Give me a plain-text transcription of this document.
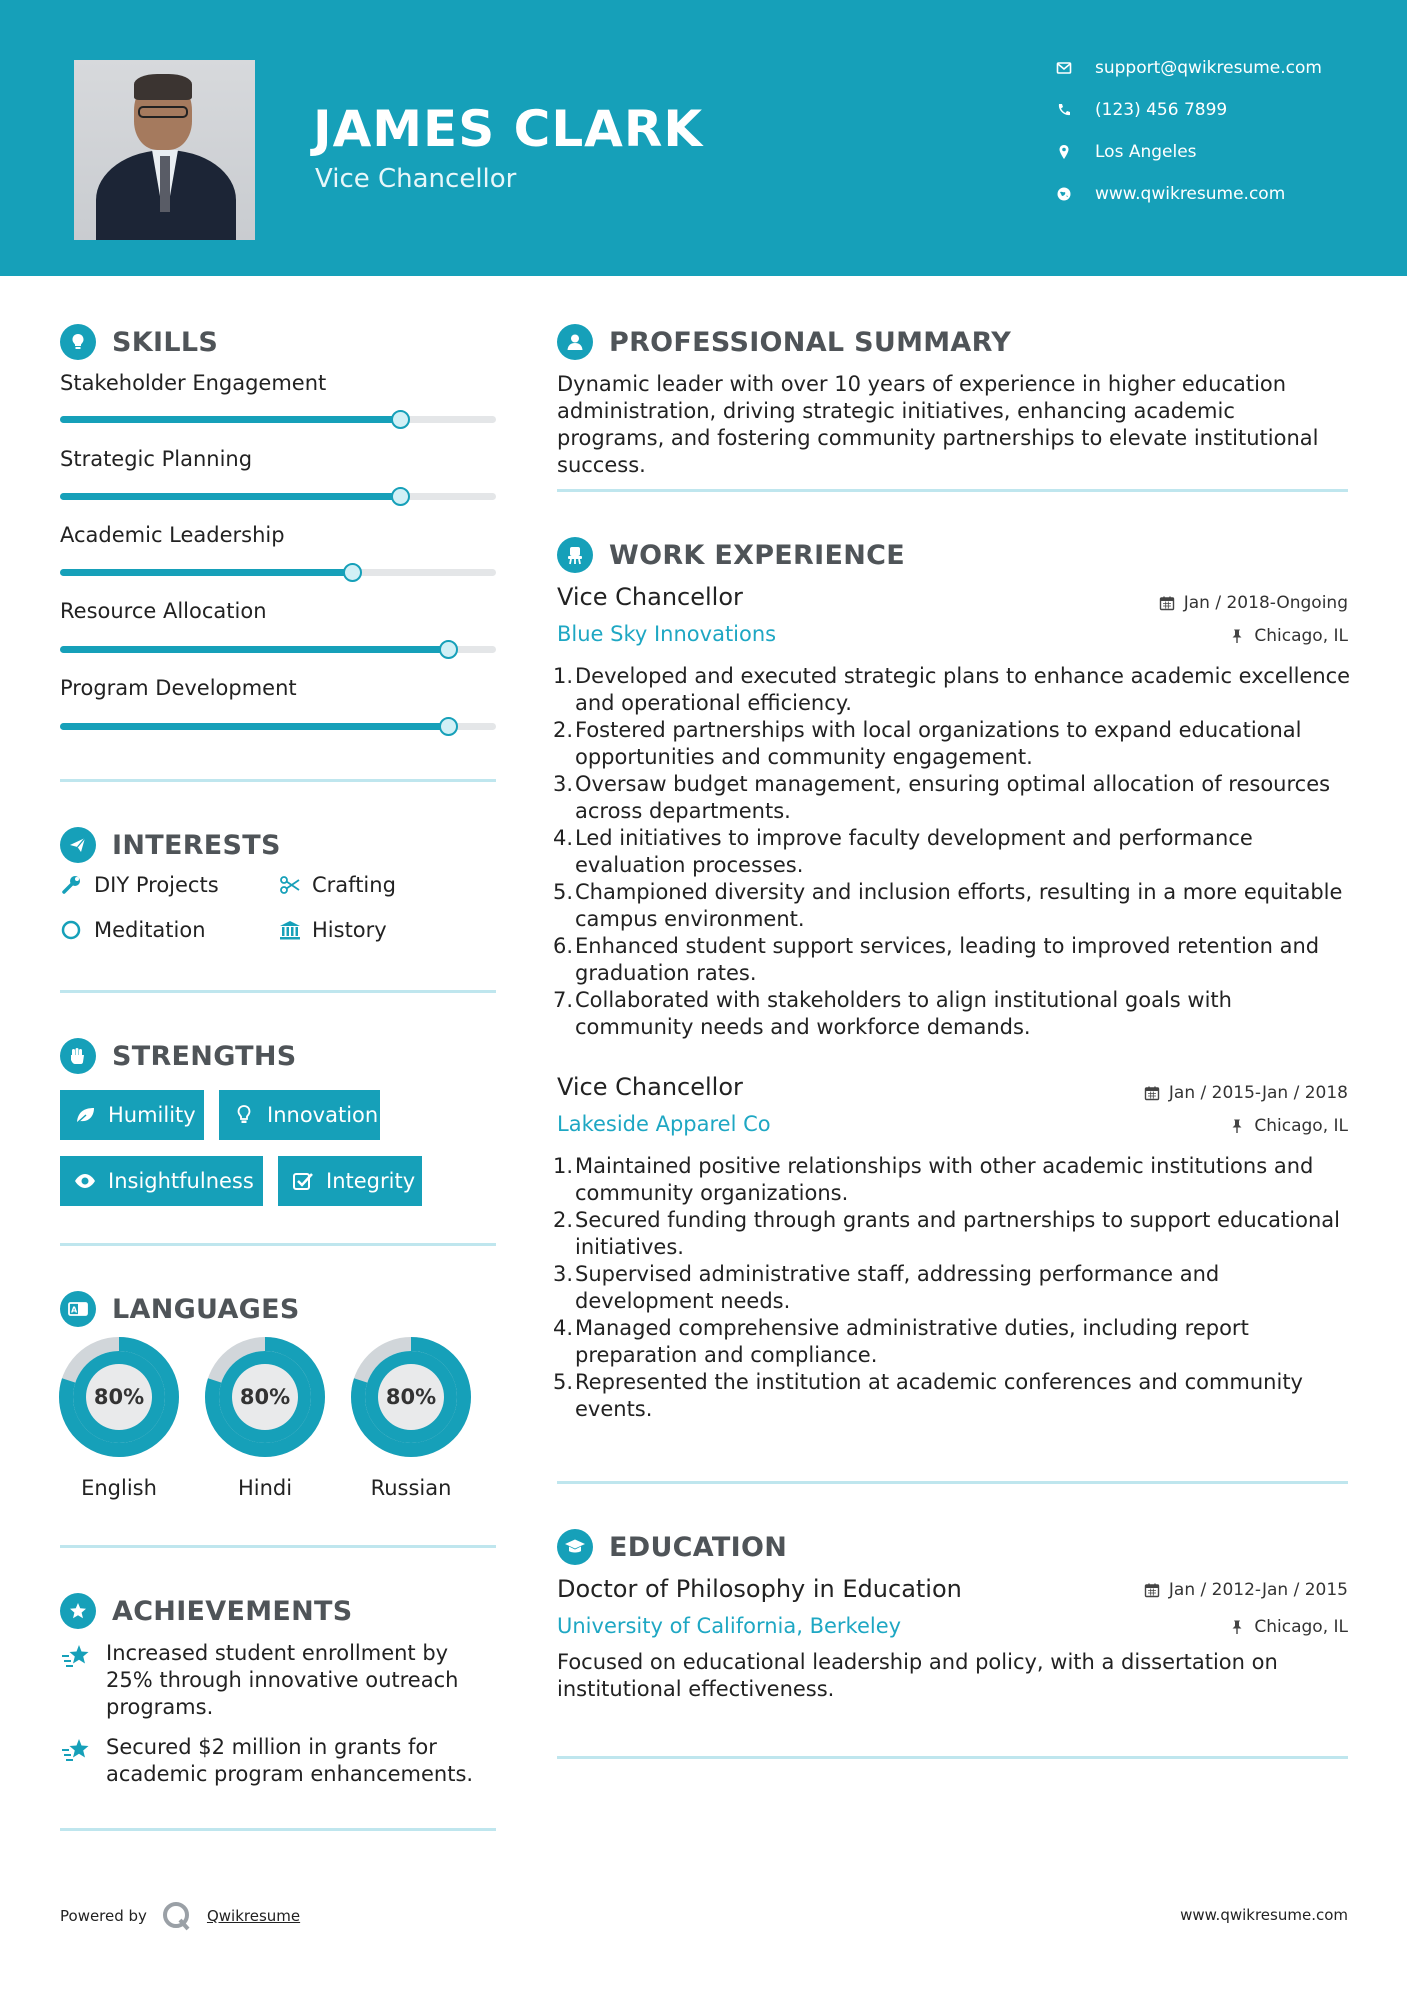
JAMES CLARK
Vice Chancellor
support@qwikresume.com
(123) 456 7899
Los Angeles
www.qwikresume.com
SKILLS
Stakeholder Engagement
Strategic Planning
Academic Leadership
Resource Allocation
Program Development
INTERESTS
DIY Projects	Crafting
Meditation	History
STRENGTHS
Humility	Innovation
Insightfulness	Integrity
A LANGUAGES
80%
English
80%
Hindi
80%
Russian
ACHIEVEMENTS
Increased student enrollment by 25% through innovative outreach programs.
Secured $2 million in grants for academic program enhancements.
PROFESSIONAL SUMMARY
Dynamic leader with over 10 years of experience in higher education administration, driving strategic initiatives, enhancing academic programs, and fostering community partnerships to elevate institutional success.
WORK EXPERIENCE
Vice Chancellor	Jan / 2018-Ongoing
Blue Sky Innovations	Chicago, IL
1. Developed and executed strategic plans to enhance academic excellence and operational efficiency.
2. Fostered partnerships with local organizations to expand educational opportunities and community engagement.
3. Oversaw budget management, ensuring optimal allocation of resources across departments.
4. Led initiatives to improve faculty development and performance evaluation processes.
5. Championed diversity and inclusion efforts, resulting in a more equitable campus environment.
6. Enhanced student support services, leading to improved retention and graduation rates.
7. Collaborated with stakeholders to align institutional goals with community needs and workforce demands.
Vice Chancellor	Jan / 2015-Jan / 2018
Lakeside Apparel Co	Chicago, IL
1. Maintained positive relationships with other academic institutions and community organizations.
2. Secured funding through grants and partnerships to support educational initiatives.
3. Supervised administrative staff, addressing performance and development needs.
4. Managed comprehensive administrative duties, including report preparation and compliance.
5. Represented the institution at academic conferences and community events.
EDUCATION
Doctor of Philosophy in Education	Jan / 2012-Jan / 2015
University of California, Berkeley	Chicago, IL
Focused on educational leadership and policy, with a dissertation on institutional effectiveness.
Powered by	Qwikresume	www.qwikresume.com
